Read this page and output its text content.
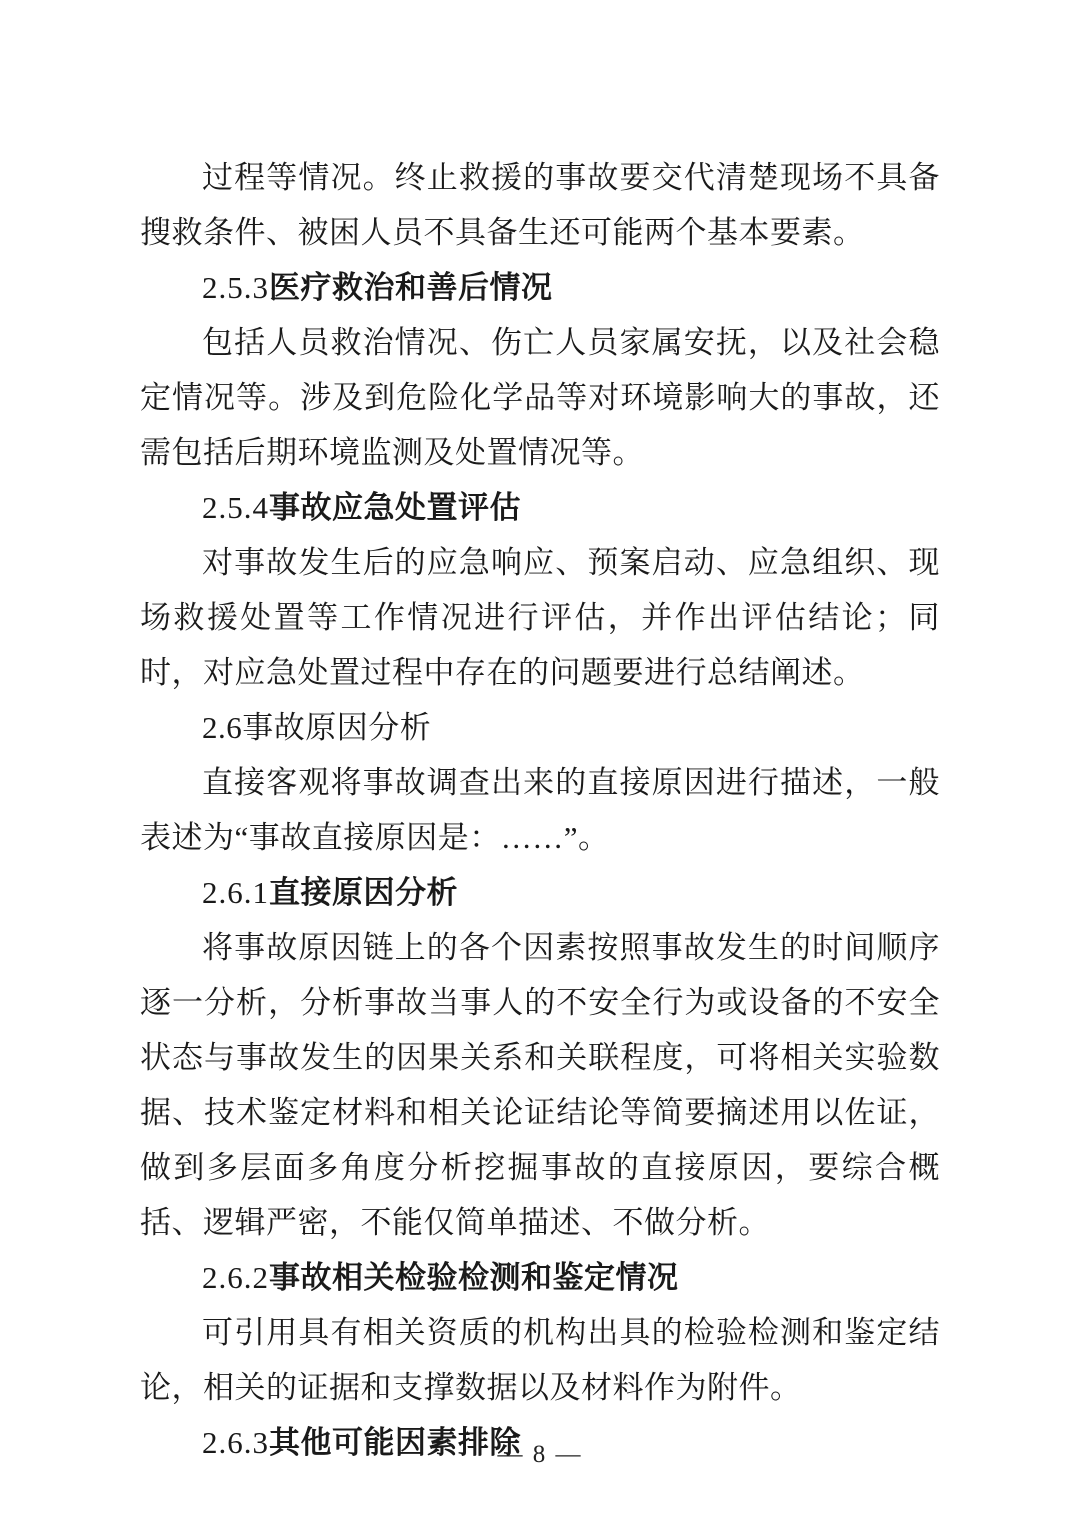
过程等情况。终止救援的事故要交代清楚现场不具备搜救条件、被困人员不具备生还可能两个基本要素。

2.5.3医疗救治和善后情况

包括人员救治情况、伤亡人员家属安抚，以及社会稳定情况等。涉及到危险化学品等对环境影响大的事故，还需包括后期环境监测及处置情况等。

2.5.4事故应急处置评估

对事故发生后的应急响应、预案启动、应急组织、现场救援处置等工作情况进行评估，并作出评估结论；同时，对应急处置过程中存在的问题要进行总结阐述。

2.6事故原因分析

直接客观将事故调查出来的直接原因进行描述，一般表述为“事故直接原因是：……”。

2.6.1直接原因分析

将事故原因链上的各个因素按照事故发生的时间顺序逐一分析，分析事故当事人的不安全行为或设备的不安全状态与事故发生的因果关系和关联程度，可将相关实验数据、技术鉴定材料和相关论证结论等简要摘述用以佐证，做到多层面多角度分析挖掘事故的直接原因，要综合概括、逻辑严密，不能仅简单描述、不做分析。

2.6.2事故相关检验检测和鉴定情况

可引用具有相关资质的机构出具的检验检测和鉴定结论，相关的证据和支撑数据以及材料作为附件。

2.6.3其他可能因素排除

— 8 —
